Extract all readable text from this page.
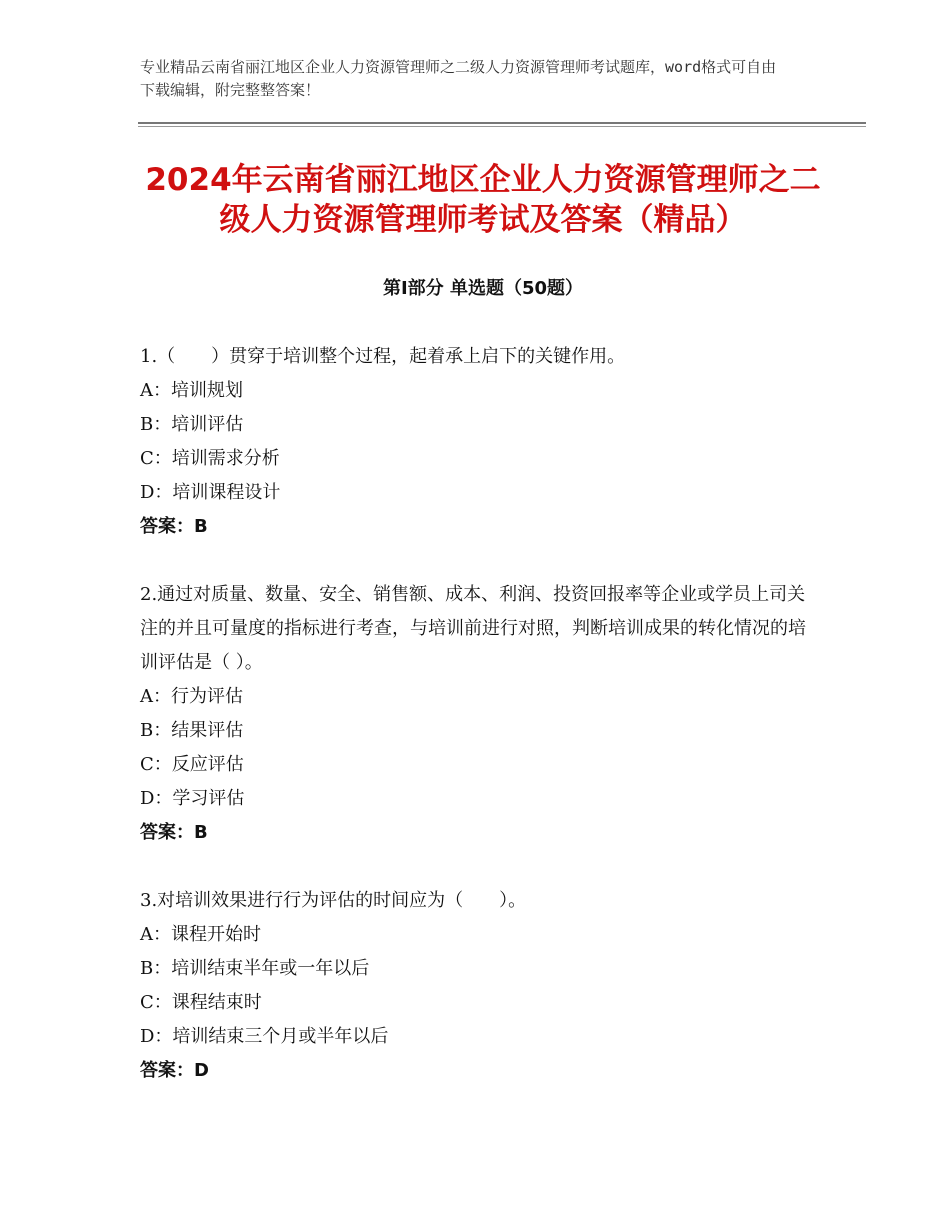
专业精品云南省丽江地区企业人力资源管理师之二级人力资源管理师考试题库，word格式可自由下载编辑，附完整整答案！
2024年云南省丽江地区企业人力资源管理师之二级人力资源管理师考试及答案（精品）
第Ⅰ部分 单选题（50题）
1.（　　）贯穿于培训整个过程，起着承上启下的关键作用。
A：培训规划
B：培训评估
C：培训需求分析
D：培训课程设计
答案：B
2.通过对质量、数量、安全、销售额、成本、利润、投资回报率等企业或学员上司关注的并且可量度的指标进行考查，与培训前进行对照，判断培训成果的转化情况的培训评估是（ ）。
A：行为评估
B：结果评估
C：反应评估
D：学习评估
答案：B
3.对培训效果进行行为评估的时间应为（　　）。
A：课程开始时
B：培训结束半年或一年以后
C：课程结束时
D：培训结束三个月或半年以后
答案：D
